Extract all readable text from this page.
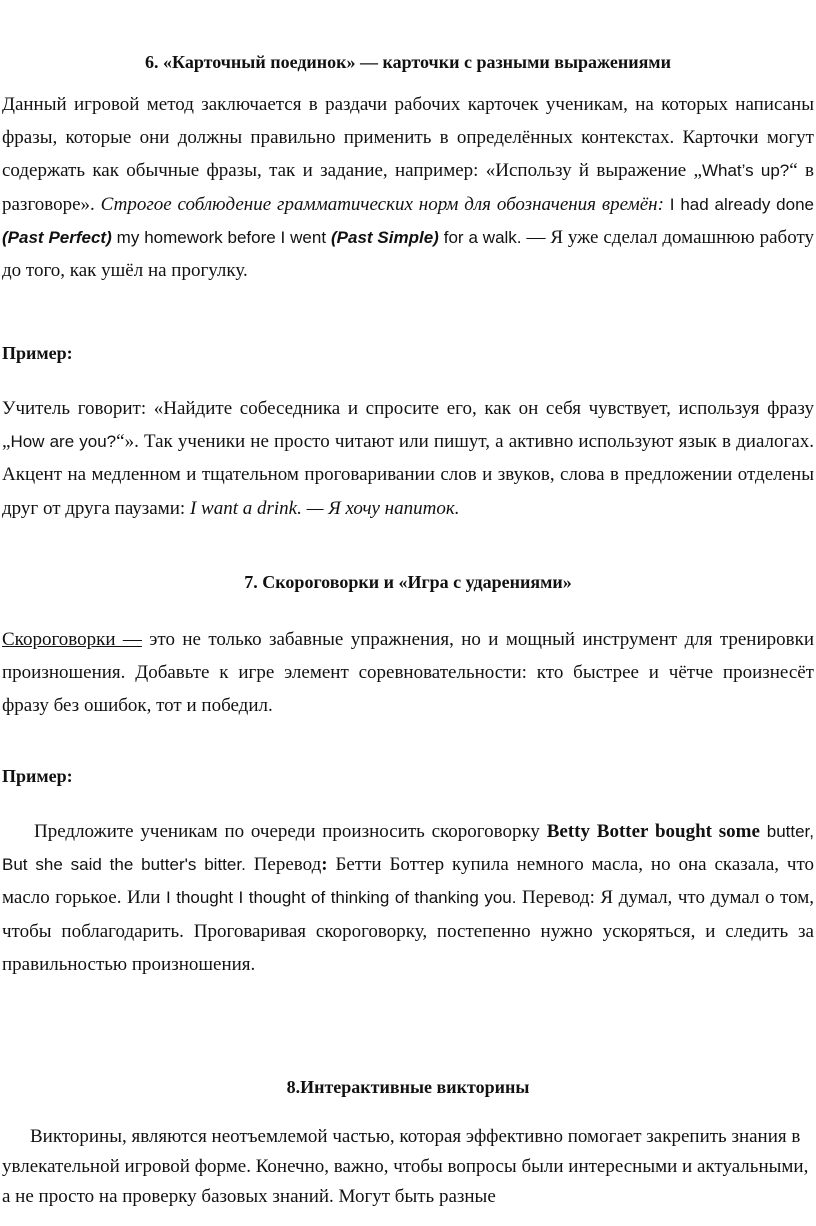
6. «Карточный поединок» — карточки с разными выражениями

Данный игровой метод заключается в раздачи рабочих карточек ученикам, на которых написаны фразы, которые они должны правильно применить в определённых контекстах. Карточки могут содержать как обычные фразы, так и задание, например: «Использу й выражение „What’s up?“ в разговоре». Строгое соблюдение грамматических норм для обозначения времён: I had already done (Past Perfect) my homework before I went (Past Simple) for a walk. — Я уже сделал домашнюю работу до того, как ушёл на прогулку.

Пример:

Учитель говорит: «Найдите собеседника и спросите его, как он себя чувствует, используя фразу „How are you?“». Так ученики не просто читают или пишут, а активно используют язык в диалогах. Акцент на медленном и тщательном проговаривании слов и звуков, слова в предложении отделены друг от друга паузами: I want a drink. — Я хочу напиток.

7. Скороговорки и «Игра с ударениями»

Скороговорки — это не только забавные упражнения, но и мощный инструмент для тренировки произношения. Добавьте к игре элемент соревновательности: кто быстрее и чётче произнесёт фразу без ошибок, тот и победил.

Пример:

Предложите ученикам по очереди произносить скороговорку Betty Botter bought some butter, But she said the butter's bitter. Перевод: Бетти Боттер купила немного масла, но она сказала, что масло горькое. Или I thought I thought of thinking of thanking you. Перевод: Я думал, что думал о том, чтобы поблагодарить. Проговаривая скороговорку, постепенно нужно ускоряться, и следить за правильностью произношения.

8.Интерактивные викторины

Викторины, являются неотъемлемой частью, которая эффективно помогает закрепить знания в увлекательной игровой форме. Конечно, важно, чтобы вопросы были интересными и актуальными, а не просто на проверку базовых знаний. Могут быть разные
